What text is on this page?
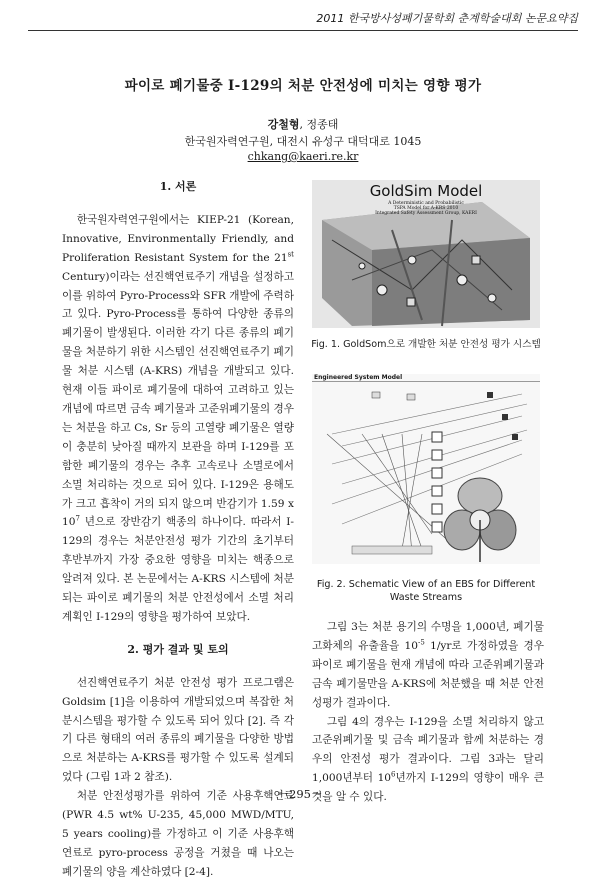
2011 한국방사성폐기물학회 춘계학술대회 논문요약집
파이로 폐기물중 I-129의 처분 안전성에 미치는 영향 평가
강철형, 정종태
한국원자력연구원, 대전시 유성구 대덕대로 1045
chkang@kaeri.re.kr
1. 서론

한국원자력연구원에서는 KIEP-21 (Korean, Innovative, Environmentally Friendly, and Proliferation Resistant System for the 21st Century)이라는 선진핵연료주기 개념을 설정하고 이를 위하여 Pyro-Process와 SFR 개발에 주력하고 있다. Pyro-Process를 통하여 다양한 종류의 폐기물이 발생된다. 이러한 각기 다른 종류의 폐기물을 처분하기 위한 시스템인 선진핵연료주기 폐기물 처분 시스템 (A-KRS) 개념을 개발되고 있다. 현재 이들 파이로 폐기물에 대하여 고려하고 있는 개념에 따르면 금속 폐기물과 고준위폐기물의 경우는 처분을 하고 Cs, Sr 등의 고열량 폐기물은 열량이 충분히 낮아질 때까지 보관을 하며 I-129를 포함한 폐기물의 경우는 추후 고속로나 소멸로에서 소멸 처리하는 것으로 되어 있다. I-129은 용해도가 크고 흡착이 거의 되지 않으며 반감기가 1.59 x $10^7$ 년으로 장반감기 핵종의 하나이다. 따라서 I-129의 경우는 처분안전성 평가 기간의 초기부터 후반부까지 가장 중요한 영향을 미치는 핵종으로 알려져 있다. 본 논문에서는 A-KRS 시스템에 처분되는 파이로 폐기물의 처분 안전성에서 소멸 처리 계획인 I-129의 영향을 평가하여 보았다.

2. 평가 결과 및 토의

선진핵연료주기 처분 안전성 평가 프로그램은 Goldsim [1]을 이용하여 개발되었으며 복잡한 처분시스템을 평가할 수 있도록 되어 있다 [2]. 즉 각기 다른 형태의 여러 종류의 폐기물을 다양한 방법으로 처분하는 A-KRS를 평가할 수 있도록 설계되었다 (그림 1과 2 참조).

처분 안전성평가를 위하여 기준 사용후핵연료 (PWR 4.5 wt% U-235, 45,000 MWD/MTU, 5 years cooling)를 가정하고 이 기준 사용후핵연료로 pyro-process 공정을 거쳤을 때 나오는 폐기물의 양을 계산하였다 [2-4].

GoldSim Model
A Deterministic and Probabilistic
TSPA Model for A-KRS 2010
Integrated Safety Assessment Group, KAERI
Fig. 1. GoldSom으로 개발한 처분 안전성 평가 시스템
Engineered System Model
Fig. 2. Schematic View of an EBS for Different
Waste Streams

그림 3는 처분 용기의 수명을 1,000년, 폐기물 고화체의 유출율을 $10^{-5}$ 1/yr로 가정하였을 경우 파이로 폐기물을 현재 개념에 따라 고준위폐기물과 금속 폐기물만을 A-KRS에 처분했을 때 처분 안전성평가 결과이다.

그림 4의 경우는 I-129을 소멸 처리하지 않고 고준위폐기물 및 금속 폐기물과 함께 처분하는 경우의 안전성 평가 결과이다. 그림 3과는 달리 1,000년부터 $10^6$년까지 I-129의 영향이 매우 큰 것을 알 수 있다.

－295－
